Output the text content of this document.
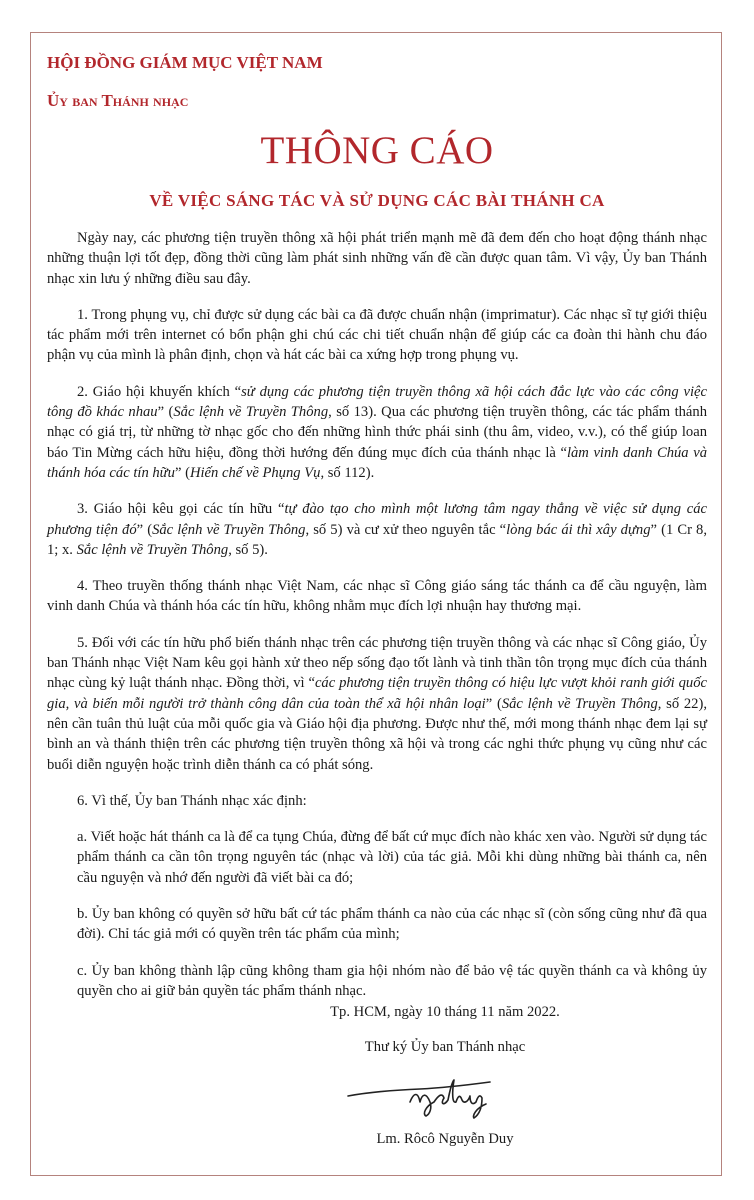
HỘI ĐỒNG GIÁM MỤC VIỆT NAM
Ủy ban Thánh nhạc
THÔNG CÁO
VỀ VIỆC SÁNG TÁC VÀ SỬ DỤNG CÁC BÀI THÁNH CA

Ngày nay, các phương tiện truyền thông xã hội phát triển mạnh mẽ đã đem đến cho hoạt động thánh nhạc những thuận lợi tốt đẹp, đồng thời cũng làm phát sinh những vấn đề cần được quan tâm. Vì vậy, Ủy ban Thánh nhạc xin lưu ý những điều sau đây.

1. Trong phụng vụ, chỉ được sử dụng các bài ca đã được chuẩn nhận (imprimatur). Các nhạc sĩ tự giới thiệu tác phẩm mới trên internet có bổn phận ghi chú các chi tiết chuẩn nhận để giúp các ca đoàn thi hành chu đáo phận vụ của mình là phân định, chọn và hát các bài ca xứng hợp trong phụng vụ.

2. Giáo hội khuyến khích “sử dụng các phương tiện truyền thông xã hội cách đắc lực vào các công việc tông đồ khác nhau” (Sắc lệnh về Truyền Thông, số 13). Qua các phương tiện truyền thông, các tác phẩm thánh nhạc có giá trị, từ những tờ nhạc gốc cho đến những hình thức phái sinh (thu âm, video, v.v.), có thể giúp loan báo Tin Mừng cách hữu hiệu, đồng thời hướng đến đúng mục đích của thánh nhạc là “làm vinh danh Chúa và thánh hóa các tín hữu” (Hiến chế về Phụng Vụ, số 112).

3. Giáo hội kêu gọi các tín hữu “tự đào tạo cho mình một lương tâm ngay thẳng về việc sử dụng các phương tiện đó” (Sắc lệnh về Truyền Thông, số 5) và cư xử theo nguyên tắc “lòng bác ái thì xây dựng” (1 Cr 8, 1; x. Sắc lệnh về Truyền Thông, số 5).

4. Theo truyền thống thánh nhạc Việt Nam, các nhạc sĩ Công giáo sáng tác thánh ca để cầu nguyện, làm vinh danh Chúa và thánh hóa các tín hữu, không nhằm mục đích lợi nhuận hay thương mại.

5. Đối với các tín hữu phổ biến thánh nhạc trên các phương tiện truyền thông và các nhạc sĩ Công giáo, Ủy ban Thánh nhạc Việt Nam kêu gọi hành xử theo nếp sống đạo tốt lành và tinh thần tôn trọng mục đích của thánh nhạc cùng kỷ luật thánh nhạc. Đồng thời, vì “các phương tiện truyền thông có hiệu lực vượt khỏi ranh giới quốc gia, và biến mỗi người trở thành công dân của toàn thể xã hội nhân loại” (Sắc lệnh về Truyền Thông, số 22), nên cần tuân thủ luật của mỗi quốc gia và Giáo hội địa phương. Được như thế, mới mong thánh nhạc đem lại sự bình an và thánh thiện trên các phương tiện truyền thông xã hội và trong các nghi thức phụng vụ cũng như các buổi diễn nguyện hoặc trình diễn thánh ca có phát sóng.

6. Vì thế, Ủy ban Thánh nhạc xác định:

a. Viết hoặc hát thánh ca là để ca tụng Chúa, đừng để bất cứ mục đích nào khác xen vào. Người sử dụng tác phẩm thánh ca cần tôn trọng nguyên tác (nhạc và lời) của tác giả. Mỗi khi dùng những bài thánh ca, nên cầu nguyện và nhớ đến người đã viết bài ca đó;

b. Ủy ban không có quyền sở hữu bất cứ tác phẩm thánh ca nào của các nhạc sĩ (còn sống cũng như đã qua đời). Chỉ tác giả mới có quyền trên tác phẩm của mình;

c. Ủy ban không thành lập cũng không tham gia hội nhóm nào để bảo vệ tác quyền thánh ca và không ủy quyền cho ai giữ bản quyền tác phẩm thánh nhạc.

Tp. HCM, ngày 10 tháng 11 năm 2022.
Thư ký Ủy ban Thánh nhạc
Lm. Rôcô Nguyễn Duy
